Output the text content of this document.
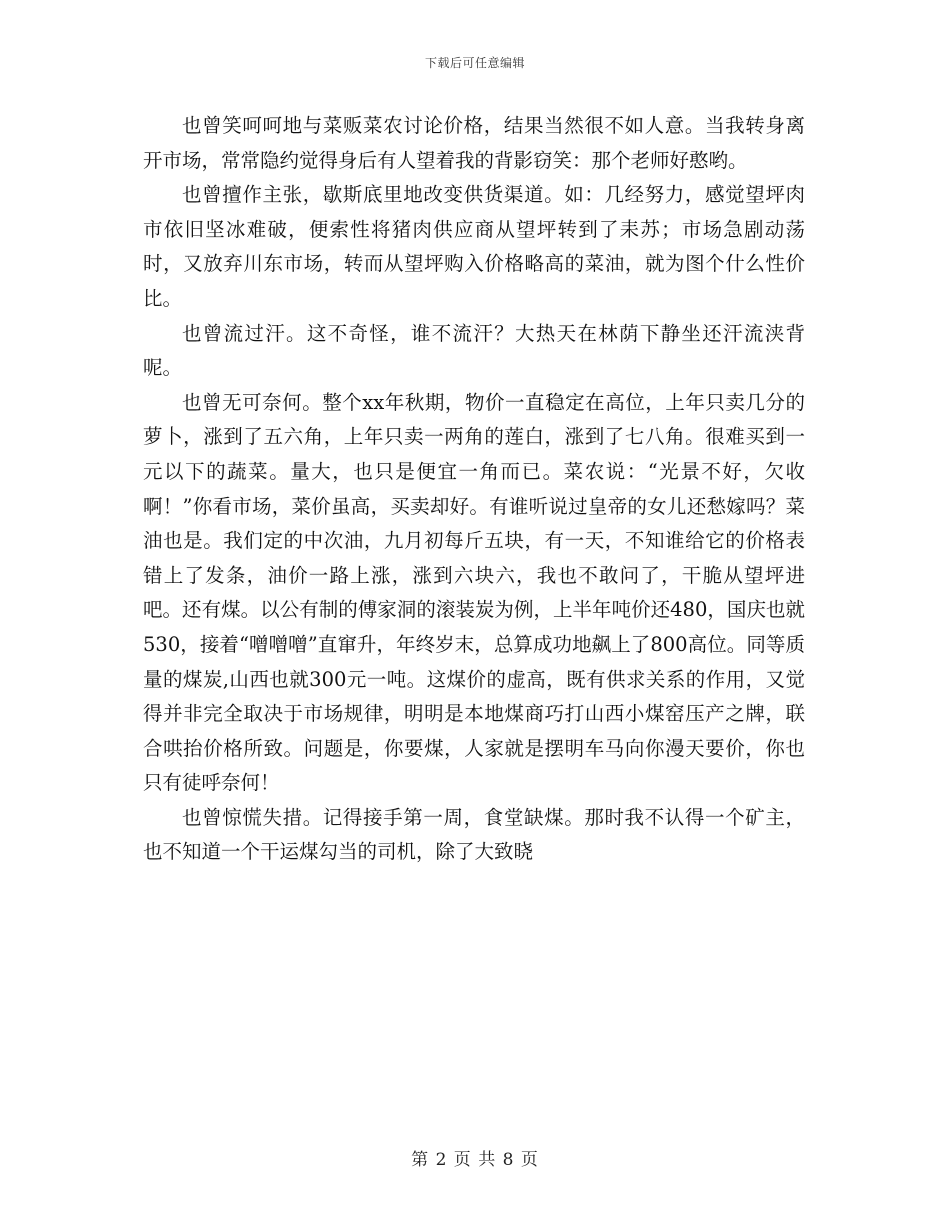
下载后可任意编辑

也曾笑呵呵地与菜贩菜农讨论价格，结果当然很不如人意。当我转身离开市场，常常隐约觉得身后有人望着我的背影窃笑：那个老师好憨哟。

也曾擅作主张，歇斯底里地改变供货渠道。如：几经努力，感觉望坪肉市依旧坚冰难破，便索性将猪肉供应商从望坪转到了耒苏；市场急剧动荡时，又放弃川东市场，转而从望坪购入价格略高的菜油，就为图个什么性价比。

也曾流过汗。这不奇怪，谁不流汗？大热天在林荫下静坐还汗流浃背呢。

也曾无可奈何。整个xx年秋期，物价一直稳定在高位，上年只卖几分的萝卜，涨到了五六角，上年只卖一两角的莲白，涨到了七八角。很难买到一元以下的蔬菜。量大，也只是便宜一角而已。菜农说：“光景不好，欠收啊！”你看市场，菜价虽高，买卖却好。有谁听说过皇帝的女儿还愁嫁吗？菜油也是。我们定的中次油，九月初每斤五块，有一天，不知谁给它的价格表错上了发条，油价一路上涨，涨到六块六，我也不敢问了，干脆从望坪进吧。还有煤。以公有制的傅家洞的滚装炭为例，上半年吨价还480，国庆也就530，接着“噌噌噌”直窜升，年终岁末，总算成功地飙上了800高位。同等质量的煤炭,山西也就300元一吨。这煤价的虚高，既有供求关系的作用，又觉得并非完全取决于市场规律，明明是本地煤商巧打山西小煤窑压产之牌，联合哄抬价格所致。问题是，你要煤，人家就是摆明车马向你漫天要价，你也只有徒呼奈何！

也曾惊慌失措。记得接手第一周，食堂缺煤。那时我不认得一个矿主，也不知道一个干运煤勾当的司机，除了大致晓

第 2 页 共 8 页
